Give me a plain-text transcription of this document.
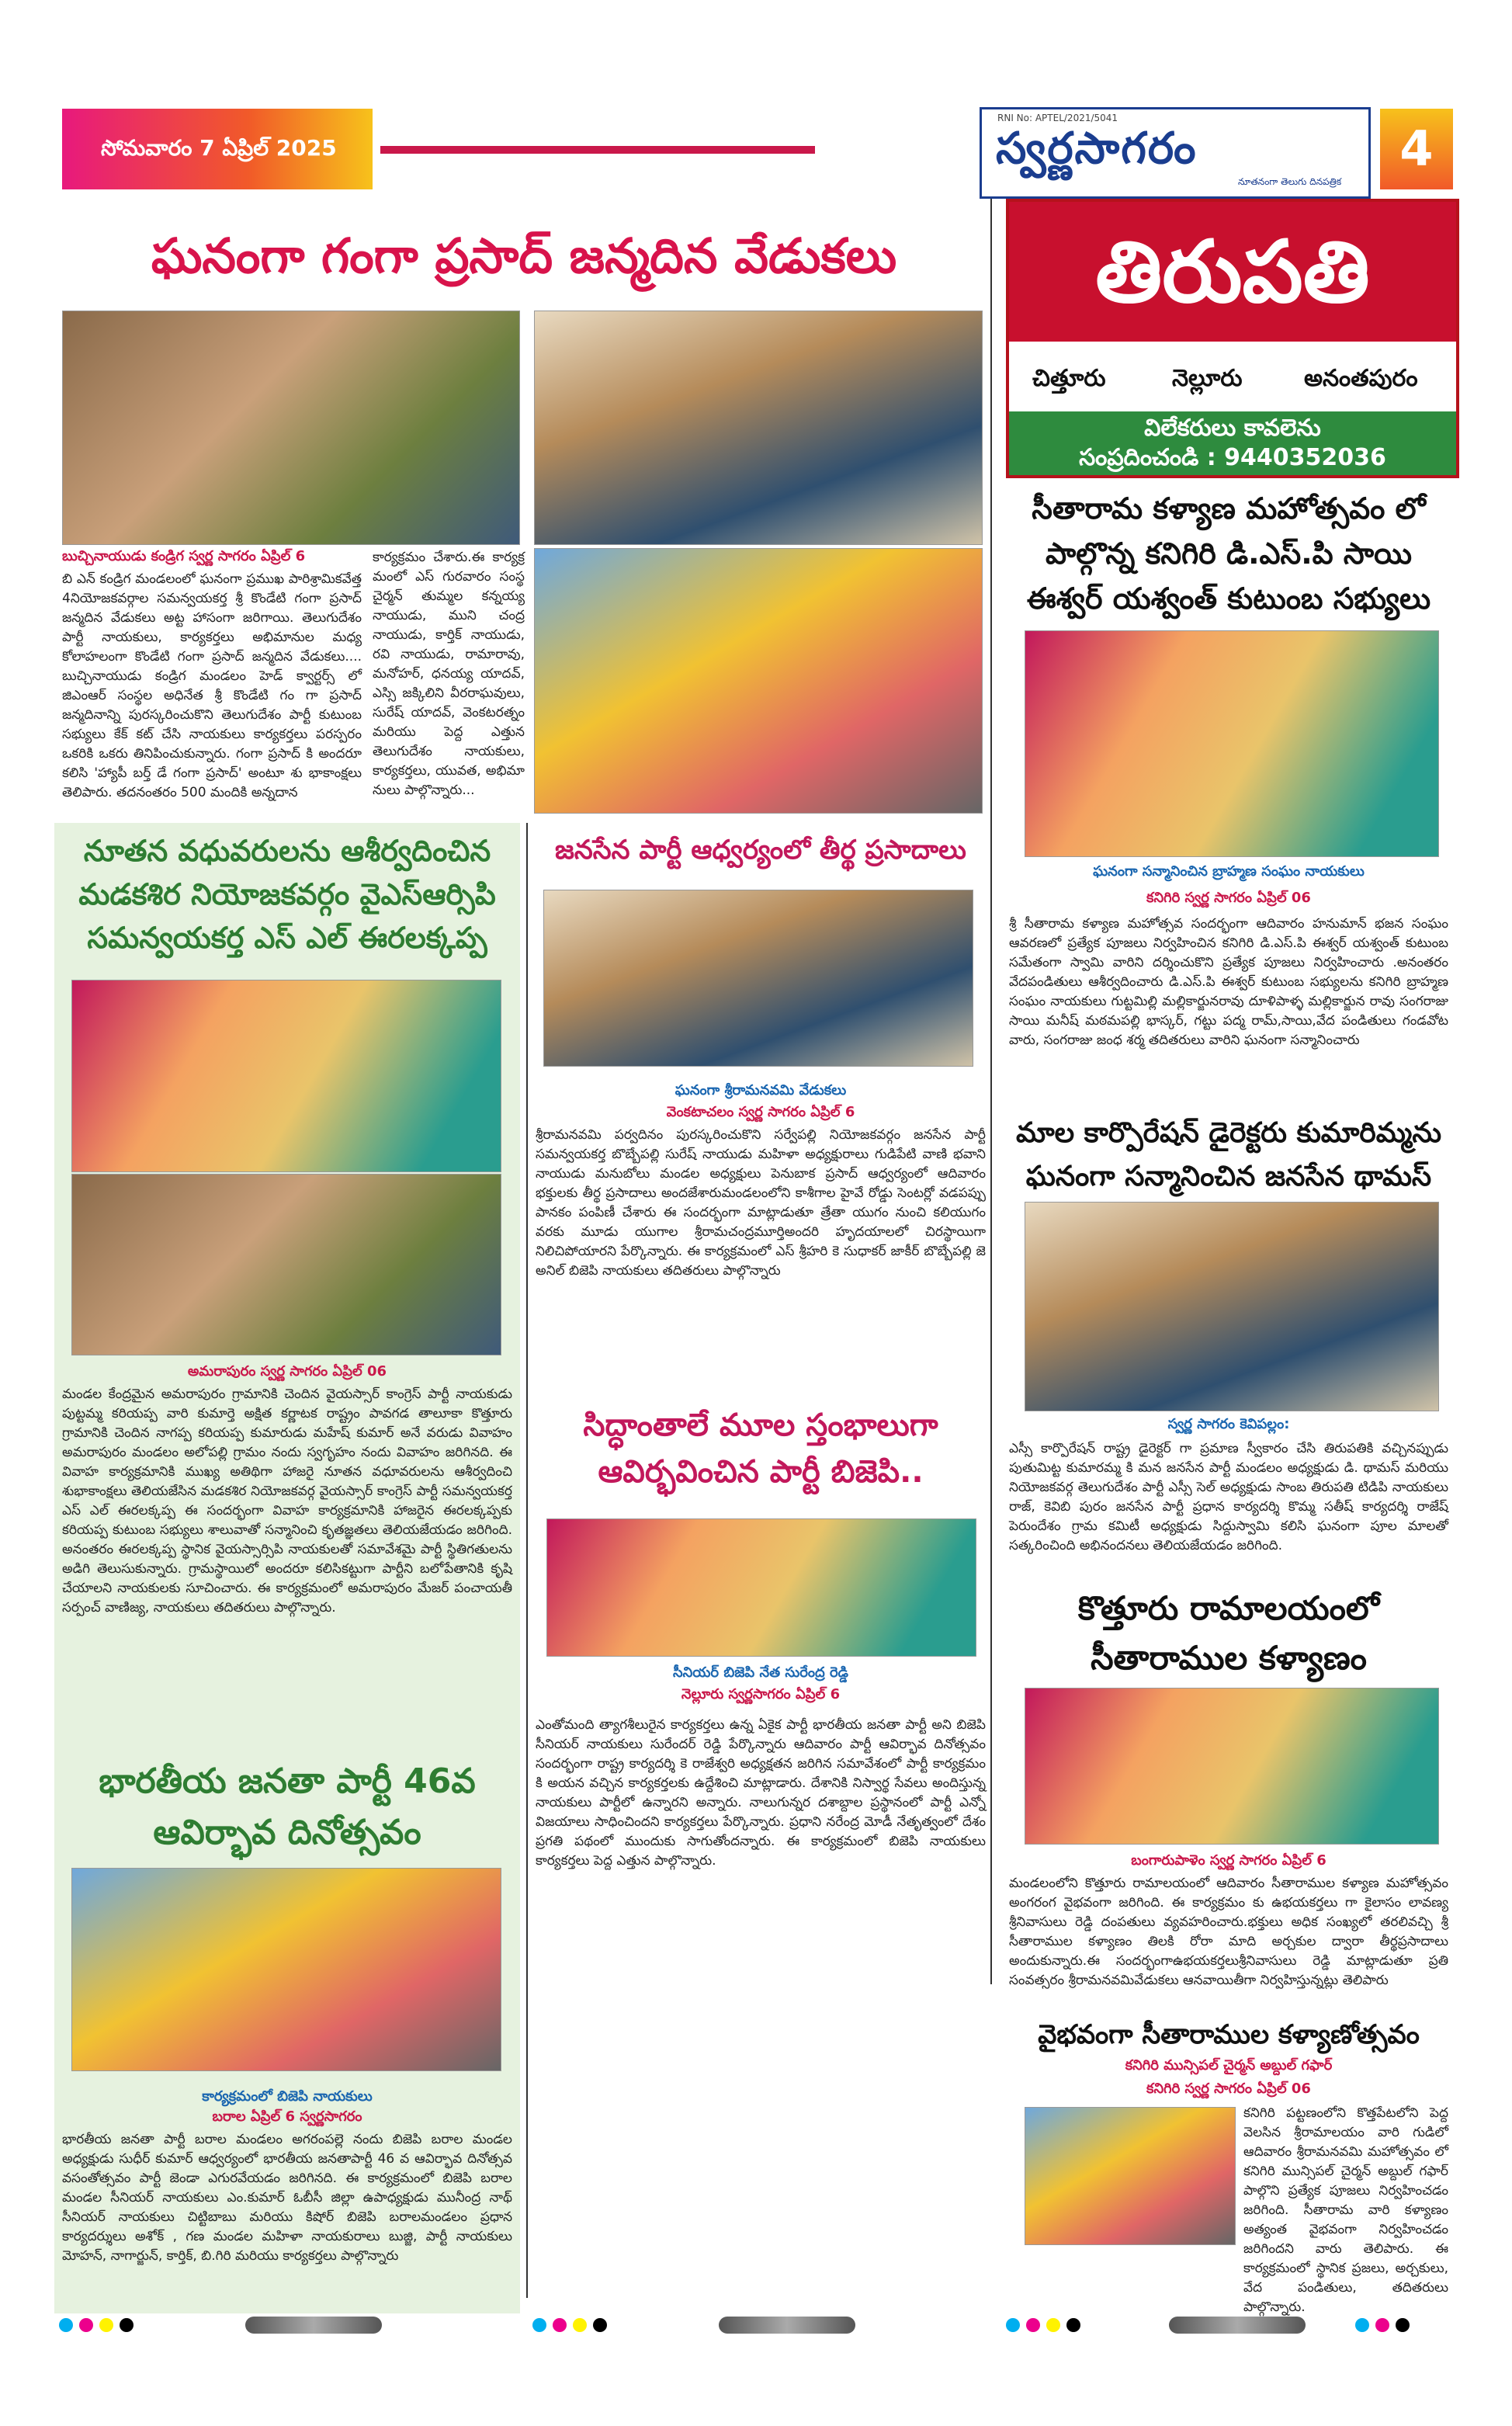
సోమవారం 7 ఏప్రిల్ 2025
RNI No: APTEL/2021/5041
స్వర్ణసాగరం
నూతనంగా తెలుగు దినపత్రిక
4
ఘనంగా గంగా ప్రసాద్ జన్మదిన వేడుకలు	తిరుపతి
చిత్తూరు	నెల్లూరు	అనంతపురం
విలేకరులు కావలెను
సంప్రదించండి : 9440352036
బుచ్చినాయుడు కండ్రిగ స్వర్ణ సాగరం ఏప్రిల్ 6
బి ఎన్ కండ్రిగ మండలంలో ఘనంగా ప్రముఖ పారిశ్రామికవేత్త 4నియోజకవర్గాల సమన్వయకర్త శ్రీ కొండేటి గంగా ప్రసాద్ జన్మదిన వేడుకలు అట్ట హాసంగా జరిగాయి. తెలుగుదేశం పార్టీ నాయకులు, కార్యకర్తలు అభిమానుల మధ్య కోలాహలంగా కొండేటి గంగా ప్రసాద్ జన్మదిన వేడుకలు.... బుచ్చినాయుడు కండ్రిగ మండలం హెడ్ క్వార్టర్స్ లో జిఎంఆర్ సంస్థల అధినేత శ్రీ కొండేటి గం గా ప్రసాద్ జన్మదినాన్ని పురస్కరించుకొని తెలుగుదేశం పార్టీ కుటుంబ సభ్యులు కేక్ కట్ చేసి నాయకులు కార్యకర్తలు పరస్పరం ఒకరికి ఒకరు తినిపించుకున్నారు. గంగా ప్రసాద్ కి అందరూ కలిసి 'హ్యాపీ బర్త్ డే గంగా ప్రసాద్' అంటూ శు భాకాంక్షలు తెలిపారు. తదనంతరం 500 మందికి అన్నదాన
కార్యక్రమం చేశారు.ఈ కార్యక్ర మంలో ఎస్ గురవారం సంస్థ చైర్మన్ తుమ్మల కన్నయ్య నాయుడు, ముని చంద్ర నాయుడు, కార్తిక్ నాయుడు, రవి నాయుడు, రామారావు, మనోహర్, ధనయ్య యాదవ్, ఎస్సి జక్కిలిని వీరరాఘవులు, సురేష్ యాదవ్, వెంకటరత్నం మరియు పెద్ద ఎత్తున తెలుగుదేశం నాయకులు, కార్యకర్తలు, యువత, అభిమా నులు పాల్గొన్నారు...
సీతారామ కళ్యాణ మహోత్సవం లో పాల్గొన్న కనిగిరి డి.ఎస్.పి సాయి ఈశ్వర్ యశ్వంత్ కుటుంబ సభ్యులు
ఘనంగా సన్మానించిన బ్రాహ్మణ సంఘం నాయకులు
కనిగిరి స్వర్ణ సాగరం ఏప్రిల్ 06
శ్రీ సీతారామ కళ్యాణ మహోత్సవ సందర్భంగా ఆదివారం హనుమాన్ భజన సంఘం ఆవరణలో ప్రత్యేక పూజలు నిర్వహించిన కనిగిరి డి.ఎస్.పి ఈశ్వర్ యశ్వంత్ కుటుంబ సమేతంగా స్వామి వారిని దర్శించుకొని ప్రత్యేక పూజలు నిర్వహించారు .అనంతరం వేదపండితులు ఆశీర్వదించారు డి.ఎస్.పి ఈశ్వర్ కుటుంబ సభ్యులను కనిగిరి బ్రాహ్మణ సంఘం నాయకులు గుట్టమిల్లి మల్లికార్జునరావు దూళిపాళ్ళ మల్లికార్జున రావు సంగరాజు సాయి మనీష్ మఠమపల్లి భాస్కర్, గట్టు పద్మ రామ్,సాయి,వేద పండితులు గండవోట వారు, సంగరాజు జంధ శర్మ తదితరులు వారిని ఘనంగా సన్మానించారు
మాల కార్పొరేషన్ డైరెక్టరు కుమారిమ్మను ఘనంగా సన్మానించిన జనసేన థామస్
స్వర్ణ సాగరం కెవిపల్లం:
ఎస్సీ కార్పొరేషన్ రాష్ట్ర డైరెక్టర్ గా ప్రమాణ స్వీకారం చేసి తిరుపతికి వచ్చినప్పుడు పుతుమిట్ట కుమారమ్మ కి మన జనసేన పార్టీ మండలం అధ్యక్షుడు డి. థామస్ మరియు నియోజకవర్గ తెలుగుదేశం పార్టీ ఎస్సీ సెల్ అధ్యక్షుడు సాంబ తిరుపతి టిడిపి నాయకులు రాజ్, కెవిబి పురం జనసేన పార్టీ ప్రధాన కార్యదర్శి కొమ్మ సతీష్ కార్యదర్శి రాజేష్ పెరుందేశం గ్రామ కమిటీ అధ్యక్షుడు సిద్దుస్వామి కలిసి ఘనంగా పూల మాలతో సత్కరించింది అభినందనలు తెలియజేయడం జరిగింది.
కొత్తూరు రామాలయంలో సీతారాముల కళ్యాణం
బంగారుపాళెం స్వర్ణ సాగరం ఏప్రిల్ 6
మండలంలోని కొత్తూరు రామాలయంలో ఆదివారం సీతారాముల కళ్యాణ మహోత్సవం అంగరంగ వైభవంగా జరిగింది. ఈ కార్యక్రమం కు ఉభయకర్తలు గా కైలాసం లావణ్య శ్రీనివాసులు రెడ్డి దంపతులు వ్యవహరించారు.భక్తులు అధిక సంఖ్యలో తరలివచ్చి శ్రీ సీతారాముల కళ్యాణం తిలకి రోరా మాది అర్చకుల ద్వారా తీర్థప్రసాదాలు అందుకున్నారు.ఈ సందర్భంగాఉభయకర్తలుశ్రీనివాసులు రెడ్డి మాట్లాడుతూ ప్రతి సంవత్సరం శ్రీరామనవమివేడుకలు ఆనవాయితీగా నిర్వహిస్తున్నట్లు తెలిపారు
వైభవంగా సీతారాముల కళ్యాణోత్సవం
కనిగిరి మున్సిపల్ చైర్మన్ అబ్దుల్ గఫార్
కనిగిరి స్వర్ణ సాగరం ఏప్రిల్ 06
కనిగిరి పట్టణంలోని కొత్తపేటలోని పెద్ద వెలసిన శ్రీరామాలయం వారి గుడిలో ఆదివారం శ్రీరామనవమి మహోత్సవం లో కనిగిరి మున్సిపల్ చైర్మన్ అబ్దుల్ గఫార్ పాల్గొని ప్రత్యేక పూజలు నిర్వహించడం జరిగింది. సీతారామ వారి కళ్యాణం అత్యంత వైభవంగా నిర్వహించడం జరిగిందని వారు తెలిపారు. ఈ కార్యక్రమంలో స్థానిక ప్రజలు, అర్చకులు, వేద పండితులు, తదితరులు పాల్గొన్నారు.
నూతన వధువరులను ఆశీర్వదించిన మడకశిర నియోజకవర్గం వైఎస్ఆర్సిపి సమన్వయకర్త ఎస్ ఎల్ ఈరలక్కప్ప
అమరాపురం స్వర్ణ సాగరం ఏప్రిల్ 06
మండల కేంద్రమైన అమరాపురం గ్రామానికి చెందిన వైయస్సార్ కాంగ్రెస్ పార్టీ నాయకుడు పుట్టమ్మ కరియప్ప వారి కుమార్తె అక్షిత కర్ణాటక రాష్ట్రం పావగడ తాలూకా కొత్తూరు గ్రామానికి చెందిన నాగప్ప కరియప్ప కుమారుడు మహేష్ కుమార్ అనే వరుడు వివాహం అమరాపురం మండలం అలోపల్లి గ్రామం నందు స్వగృహం నందు వివాహం జరిగినది. ఈ వివాహ కార్యక్రమానికి ముఖ్య అతిథిగా హాజరై నూతన వధూవరులను ఆశీర్వదించి శుభాకాంక్షలు తెలియజేసిన మడకశిర నియోజకవర్గ వైయస్సార్ కాంగ్రెస్ పార్టీ సమన్వయకర్త ఎస్ ఎల్ ఈరలక్కప్ప ఈ సందర్భంగా వివాహ కార్యక్రమానికి హాజరైన ఈరలక్కప్పకు కరియప్ప కుటుంబ సభ్యులు శాలువాతో సన్మానించి కృతజ్ఞతలు తెలియజేయడం జరిగింది. అనంతరం ఈరలక్కప్ప స్థానిక వైయస్సార్సిపి నాయకులతో సమావేశమై పార్టీ స్థితిగతులను అడిగి తెలుసుకున్నారు. గ్రామస్థాయిలో అందరూ కలిసికట్టుగా పార్టీని బలోపేతానికి కృషి చేయాలని నాయకులకు సూచించారు. ఈ కార్యక్రమంలో అమరాపురం మేజర్ పంచాయతీ సర్పంచ్ వాణిజ్య, నాయకులు తదితరులు పాల్గొన్నారు.
భారతీయ జనతా పార్టీ 46వ ఆవిర్భావ దినోత్సవం
కార్యక్రమంలో బిజెపి నాయకులు
బరాల ఏప్రిల్ 6 స్వర్ణసాగరం
భారతీయ జనతా పార్టీ బరాల మండలం అగరంపల్లె నందు బిజెపి బరాల మండల అధ్యక్షుడు సుధీర్ కుమార్ ఆధ్వర్యంలో భారతీయ జనతాపార్టీ 46 వ ఆవిర్భావ దినోత్సవ వసంతోత్సవం పార్టీ జెండా ఎగురవేయడం జరిగినది. ఈ కార్యక్రమంలో బిజెపి బరాల మండల సీనియర్ నాయకులు ఎం.కుమార్ ఓబీసీ జిల్లా ఉపాధ్యక్షుడు మునీంద్ర నాథ్ సీనియర్ నాయకులు చిట్టిబాబు మరియు కిషోర్ బిజెపి బరాలమండలం ప్రధాన కార్యదర్శులు అశోక్ , గణ మండల మహిళా నాయకురాలు బుజ్జి, పార్టీ నాయకులు మోహన్, నాగార్జున్, కార్తిక్, బి.గిరి మరియు కార్యకర్తలు పాల్గొన్నారు
జనసేన పార్టీ ఆధ్వర్యంలో తీర్థ ప్రసాదాలు
ఘనంగా శ్రీరామనవమి వేడుకలు
వెంకటాచలం స్వర్ణ సాగరం ఏప్రిల్ 6
శ్రీరామనవమి పర్వదినం పురస్కరించుకొని సర్వేపల్లి నియోజకవర్గం జనసేన పార్టీ సమన్వయకర్త బొబ్బేపల్లి సురేష్ నాయుడు మహిళా అధ్యక్షురాలు గుడిపేటి వాణి భవాని నాయుడు మనుబోలు మండల అధ్యక్షులు పెనుబాక ప్రసాద్ ఆధ్వర్యంలో ఆదివారం భక్తులకు తీర్థ ప్రసాదాలు అందజేశారుమండలంలోని కాశీగాల హైవే రోడ్డు సెంటర్లో వడపప్పు పానకం పంపిణీ చేశారు ఈ సందర్భంగా మాట్లాడుతూ త్రేతా యుగం నుంచి కలియుగం వరకు మూడు యుగాల శ్రీరామచంద్రమూర్తిఅందరి హృదయాలలో చిరస్థాయిగా నిలిచిపోయారని పేర్కొన్నారు. ఈ కార్యక్రమంలో ఎస్ శ్రీహరి కె సుధాకర్ జాకీర్ బొబ్బేపల్లి జె అనిల్ బిజెపి నాయకులు తదితరులు పాల్గొన్నారు
సిద్ధాంతాలే మూల స్తంభాలుగా ఆవిర్భవించిన పార్టీ బిజెపి..
సీనియర్ బిజెపి నేత సురేంద్ర రెడ్డి
నెల్లూరు స్వర్ణసాగరం ఏప్రిల్ 6
ఎంతోమంది త్యాగశీలురైన కార్యకర్తలు ఉన్న ఏకైక పార్టీ భారతీయ జనతా పార్టీ అని బిజెపి సీనియర్ నాయకులు సురేందర్ రెడ్డి పేర్కొన్నారు ఆదివారం పార్టీ ఆవిర్భావ దినోత్సవం సందర్భంగా రాష్ట్ర కార్యదర్శి కె రాజేశ్వరి అధ్యక్షతన జరిగిన సమావేశంలో పార్టీ కార్యక్రమం కి అయన వచ్చిన కార్యకర్తలకు ఉద్దేశించి మాట్లాడారు. దేశానికి నిస్వార్థ సేవలు అందిస్తున్న నాయకులు పార్టీలో ఉన్నారని అన్నారు. నాలుగున్నర దశాబ్దాల ప్రస్థానంలో పార్టీ ఎన్నో విజయాలు సాధించిందని కార్యకర్తలు పేర్కొన్నారు. ప్రధాని నరేంద్ర మోడీ నేతృత్వంలో దేశం ప్రగతి పథంలో ముందుకు సాగుతోందన్నారు. ఈ కార్యక్రమంలో బిజెపి నాయకులు కార్యకర్తలు పెద్ద ఎత్తున పాల్గొన్నారు.
